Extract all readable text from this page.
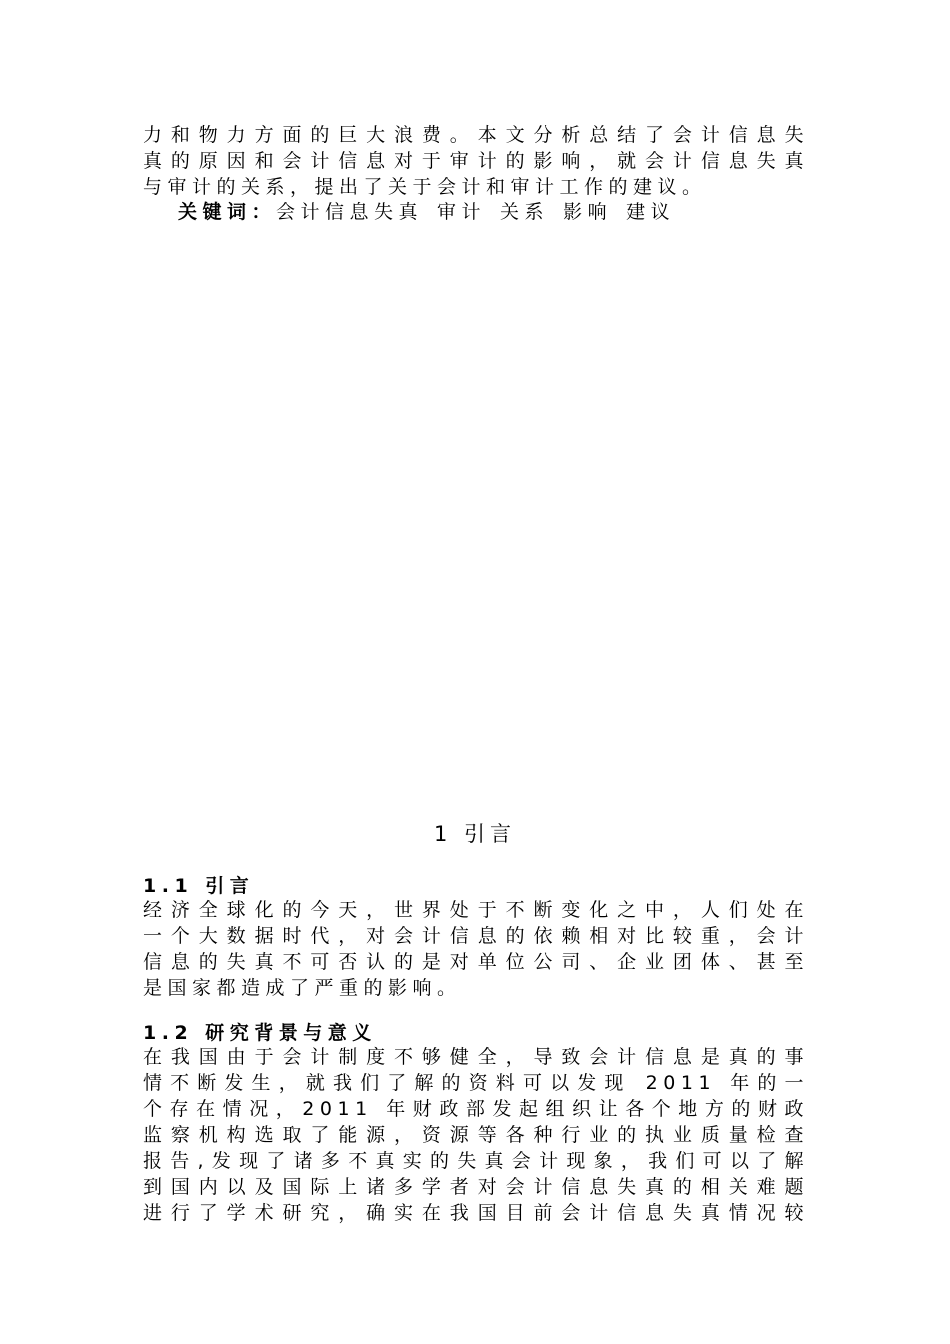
力和物力方面的巨大浪费。本文分析总结了会计信息失
真的原因和会计信息对于审计的影响，就会计信息失真
与审计的关系，提出了关于会计和审计工作的建议。
关键词：会计信息失真 审计 关系 影响 建议
1 引言
1.1 引言
经济全球化的今天，世界处于不断变化之中，人们处在
一个大数据时代，对会计信息的依赖相对比较重，会计
信息的失真不可否认的是对单位公司、企业团体、甚至
是国家都造成了严重的影响。
1.2 研究背景与意义
在我国由于会计制度不够健全，导致会计信息是真的事
情不断发生，就我们了解的资料可以发现 2011 年的一
个存在情况，2011 年财政部发起组织让各个地方的财政
监察机构选取了能源，资源等各种行业的执业质量检查
报告,发现了诸多不真实的失真会计现象，我们可以了解
到国内以及国际上诸多学者对会计信息失真的相关难题
进行了学术研究，确实在我国目前会计信息失真情况较
